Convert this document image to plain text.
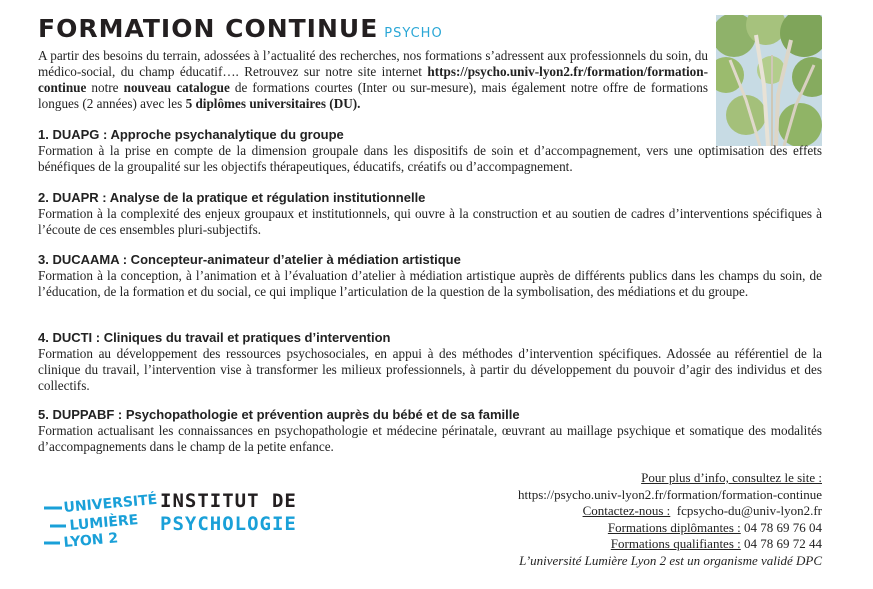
FORMATION CONTINUE PSYCHO
A partir des besoins du terrain, adossées à l’actualité des recherches, nos formations s’adressent aux professionnels du soin, du médico-social, du champ éducatif…. Retrouvez sur notre site internet https://psycho.univ-lyon2.fr/formation/formation-continue notre nouveau catalogue de formations courtes (Inter ou sur-mesure), mais également notre offre de formations longues (2 années) avec les 5 diplômes universitaires (DU).
1. DUAPG : Approche psychanalytique du groupe
Formation à la prise en compte de la dimension groupale dans les dispositifs de soin et d’accompagnement, vers une optimisation des effets bénéfiques de la groupalité sur les objectifs thérapeutiques, éducatifs, créatifs ou d’accompagnement.
2. DUAPR : Analyse de la pratique et régulation institutionnelle
Formation à la complexité des enjeux groupaux et institutionnels, qui ouvre à la construction et au soutien de cadres d’interventions spécifiques à l’écoute de ces ensembles pluri-subjectifs.
3. DUCAAMA : Concepteur-animateur d’atelier à médiation artistique
Formation à la conception, à l’animation et à l’évaluation d’atelier à médiation artistique auprès de différents publics dans les champs du soin, de l’éducation, de la formation et du social, ce qui implique l’articulation de la question de la symbolisation, des médiations et du groupe.
4. DUCTI : Cliniques du travail et pratiques d’intervention
Formation au développement des ressources psychosociales, en appui à des méthodes d’intervention spécifiques. Adossée au référentiel de la clinique du travail, l’intervention vise à transformer les milieux professionnels, à partir du développement du pouvoir d’agir des individus et des collectifs.
5. DUPPABF : Psychopathologie et prévention auprès du bébé et de sa famille
Formation actualisant les connaissances en psychopathologie et médecine périnatale, œuvrant au maillage psychique et somatique des modalités d’accompagnements dans le champ de la petite enfance.
UNIVERSITÉ
LUMIÈRE
LYON 2
INSTITUT DE
PSYCHOLOGIE
Pour plus d’info, consultez le site :
https://psycho.univ-lyon2.fr/formation/formation-continue
Contactez-nous : fcpsycho-du@univ-lyon2.fr
Formations diplômantes : 04 78 69 76 04
Formations qualifiantes : 04 78 69 72 44
L’université Lumière Lyon 2 est un organisme validé DPC
